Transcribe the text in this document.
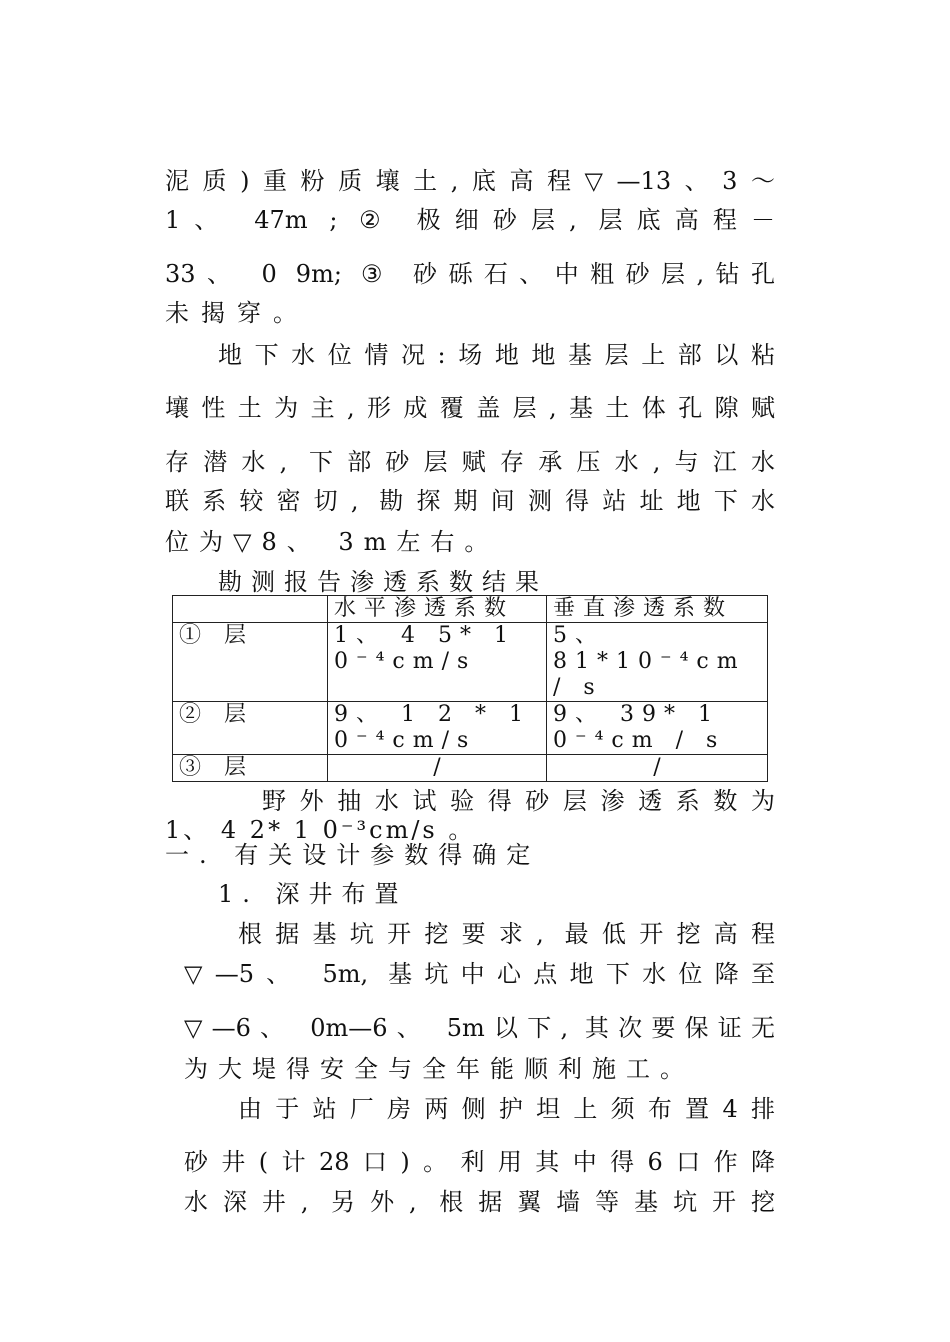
泥质)重粉质壤土,底高程▽—13、3～
1、 47m ; ② 极细砂层, 层底高程－
33、 0 9m; ③ 砂砾石、中粗砂层,钻孔
未揭穿。
地下水位情况:场地地基层上部以粘
壤性土为主,形成覆盖层,基土体孔隙赋
存潜水, 下部砂层赋存承压水,与江水
联系较密切, 勘探期间测得站址地下水
位为▽8、 3m左右。
勘测报告渗透系数结果
	水平渗透系数	垂直渗透系数
① 层	1、 4 5* 1 0⁻⁴cm/s	5、 81*10⁻⁴cm / s
② 层	9、 1 2 * 1 0⁻⁴cm/s	9、 39* 1 0⁻⁴cm / s
③ 层	/	/
野外抽水试验得砂层渗透系数为
1、 4 2* 1 0⁻³cm/s 。
一. 有关设计参数得确定
1. 深井布置
根据基坑开挖要求, 最低开挖高程
▽—5、 5m, 基坑中心点地下水位降至
▽—6、 0m—6、 5m以下, 其次要保证无
为大堤得安全与全年能顺利施工。
由于站厂房两侧护坦上须布置4排
砂井(计28口)。利用其中得6口作降
水深井, 另外, 根据翼墙等基坑开挖
